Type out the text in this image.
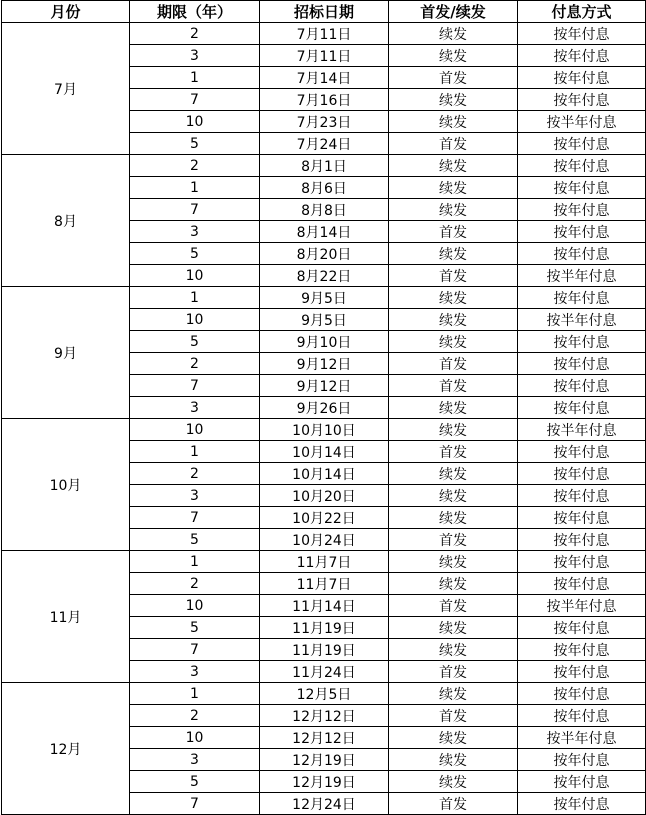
月份	期限（年）	招标日期	首发/续发	付息方式
7月	2	7月11日	续发	按年付息
	3	7月11日	续发	按年付息
	1	7月14日	首发	按年付息
	7	7月16日	续发	按年付息
	10	7月23日	续发	按半年付息
	5	7月24日	首发	按年付息
8月	2	8月1日	续发	按年付息
	1	8月6日	续发	按年付息
	7	8月8日	续发	按年付息
	3	8月14日	首发	按年付息
	5	8月20日	续发	按年付息
	10	8月22日	首发	按半年付息
9月	1	9月5日	续发	按年付息
	10	9月5日	续发	按半年付息
	5	9月10日	续发	按年付息
	2	9月12日	首发	按年付息
	7	9月12日	首发	按年付息
	3	9月26日	续发	按年付息
10月	10	10月10日	续发	按半年付息
	1	10月14日	首发	按年付息
	2	10月14日	续发	按年付息
	3	10月20日	续发	按年付息
	7	10月22日	续发	按年付息
	5	10月24日	首发	按年付息
11月	1	11月7日	续发	按年付息
	2	11月7日	续发	按年付息
	10	11月14日	首发	按半年付息
	5	11月19日	续发	按年付息
	7	11月19日	续发	按年付息
	3	11月24日	首发	按年付息
12月	1	12月5日	续发	按年付息
	2	12月12日	首发	按年付息
	10	12月12日	续发	按半年付息
	3	12月19日	续发	按年付息
	5	12月19日	续发	按年付息
	7	12月24日	首发	按年付息
